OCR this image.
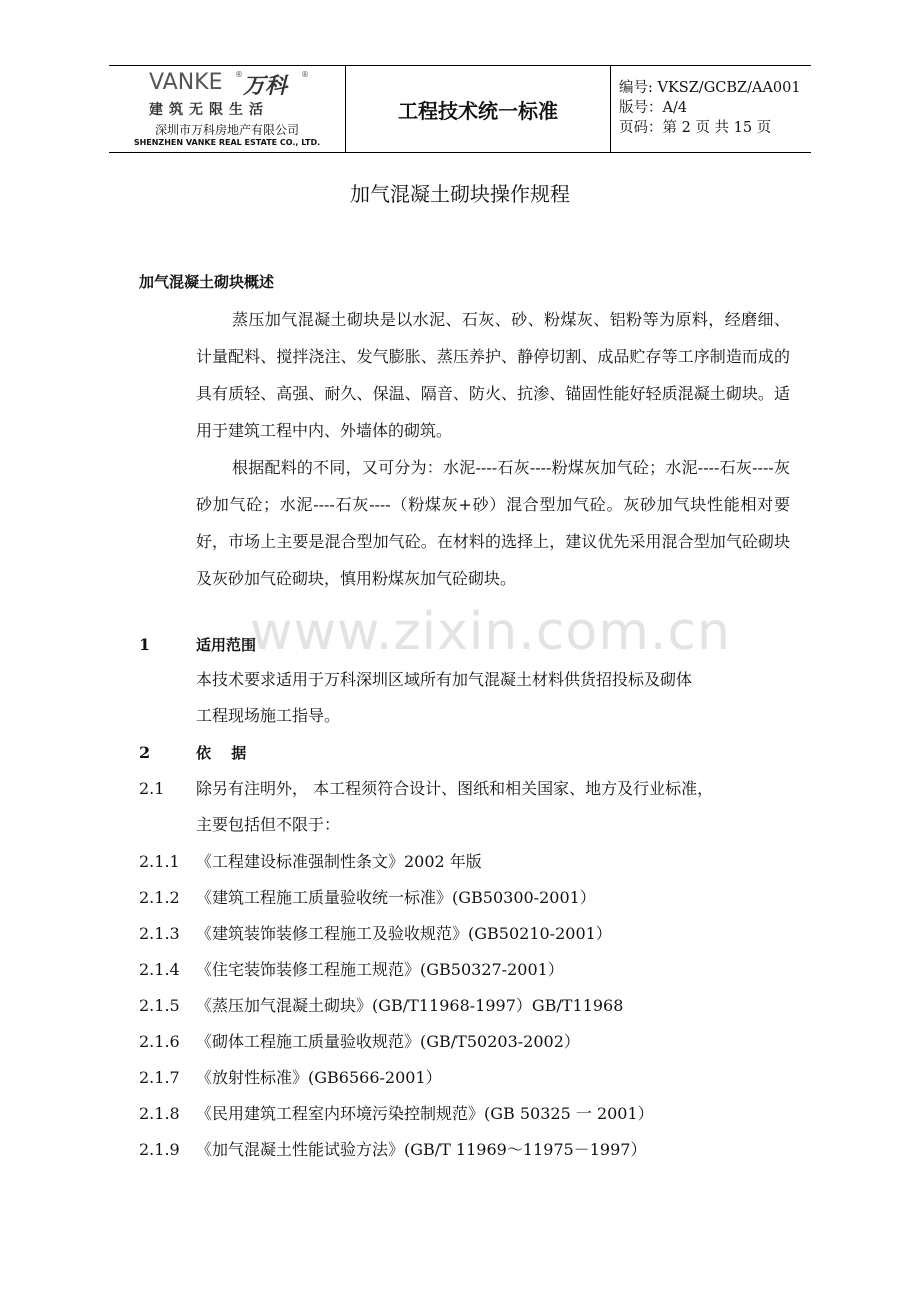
VANKE ® 万科 ®
建筑无限生活
深圳市万科房地产有限公司
SHENZHEN VANKE REAL ESTATE CO., LTD.
工程技术统一标准
编号: VKSZ/GCBZ/AA001
版号：A/4
页码：第 2 页 共 15 页
加气混凝土砌块操作规程
加气混凝土砌块概述

蒸压加气混凝土砌块是以水泥、石灰、砂、粉煤灰、铝粉等为原料，经磨细、计量配料、搅拌浇注、发气膨胀、蒸压养护、静停切割、成品贮存等工序制造而成的具有质轻、高强、耐久、保温、隔音、防火、抗渗、锚固性能好轻质混凝土砌块。适用于建筑工程中内、外墙体的砌筑。

根据配料的不同，又可分为：水泥----石灰----粉煤灰加气砼；水泥----石灰----灰砂加气砼；水泥----石灰----（粉煤灰+砂）混合型加气砼。灰砂加气块性能相对要好，市场上主要是混合型加气砼。在材料的选择上，建议优先采用混合型加气砼砌块及灰砂加气砼砌块，慎用粉煤灰加气砼砌块。

www.zixin.com.cn
1	适用范围
本技术要求适用于万科深圳区域所有加气混凝土材料供货招投标及砌体
工程现场施工指导。
2	依　 据
2.1 除另有注明外， 本工程须符合设计、图纸和相关国家、地方及行业标准，
主要包括但不限于：
2.1.1 《工程建设标准强制性条文》2002 年版
2.1.2 《建筑工程施工质量验收统一标准》(GB50300-2001）
2.1.3 《建筑装饰装修工程施工及验收规范》(GB50210-2001）
2.1.4 《住宅装饰装修工程施工规范》(GB50327-2001）
2.1.5 《蒸压加气混凝土砌块》(GB/T11968-1997）GB/T11968
2.1.6 《砌体工程施工质量验收规范》(GB/T50203-2002）
2.1.7 《放射性标准》(GB6566-2001）
2.1.8 《民用建筑工程室内环境污染控制规范》(GB 50325 一 2001）
2.1.9 《加气混凝土性能试验方法》(GB/T 11969～11975－1997）
